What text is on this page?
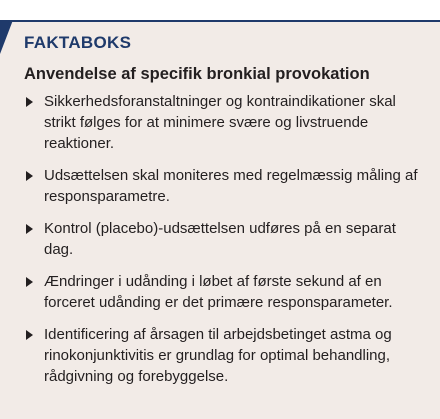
FAKTABOKS
Anvendelse af specifik bronkial provokation
Sikkerhedsforanstaltninger og kontraindikationer skal strikt følges for at minimere svære og livstruende reaktioner.
Udsættelsen skal moniteres med regelmæssig måling af responsparametre.
Kontrol (placebo)-udsættelsen udføres på en separat dag.
Ændringer i udånding i løbet af første sekund af en forceret udånding er det primære responsparameter.
Identificering af årsagen til arbejdsbetinget astma og rinokonjunktivitis er grundlag for optimal behandling, rådgivning og forebyggelse.
